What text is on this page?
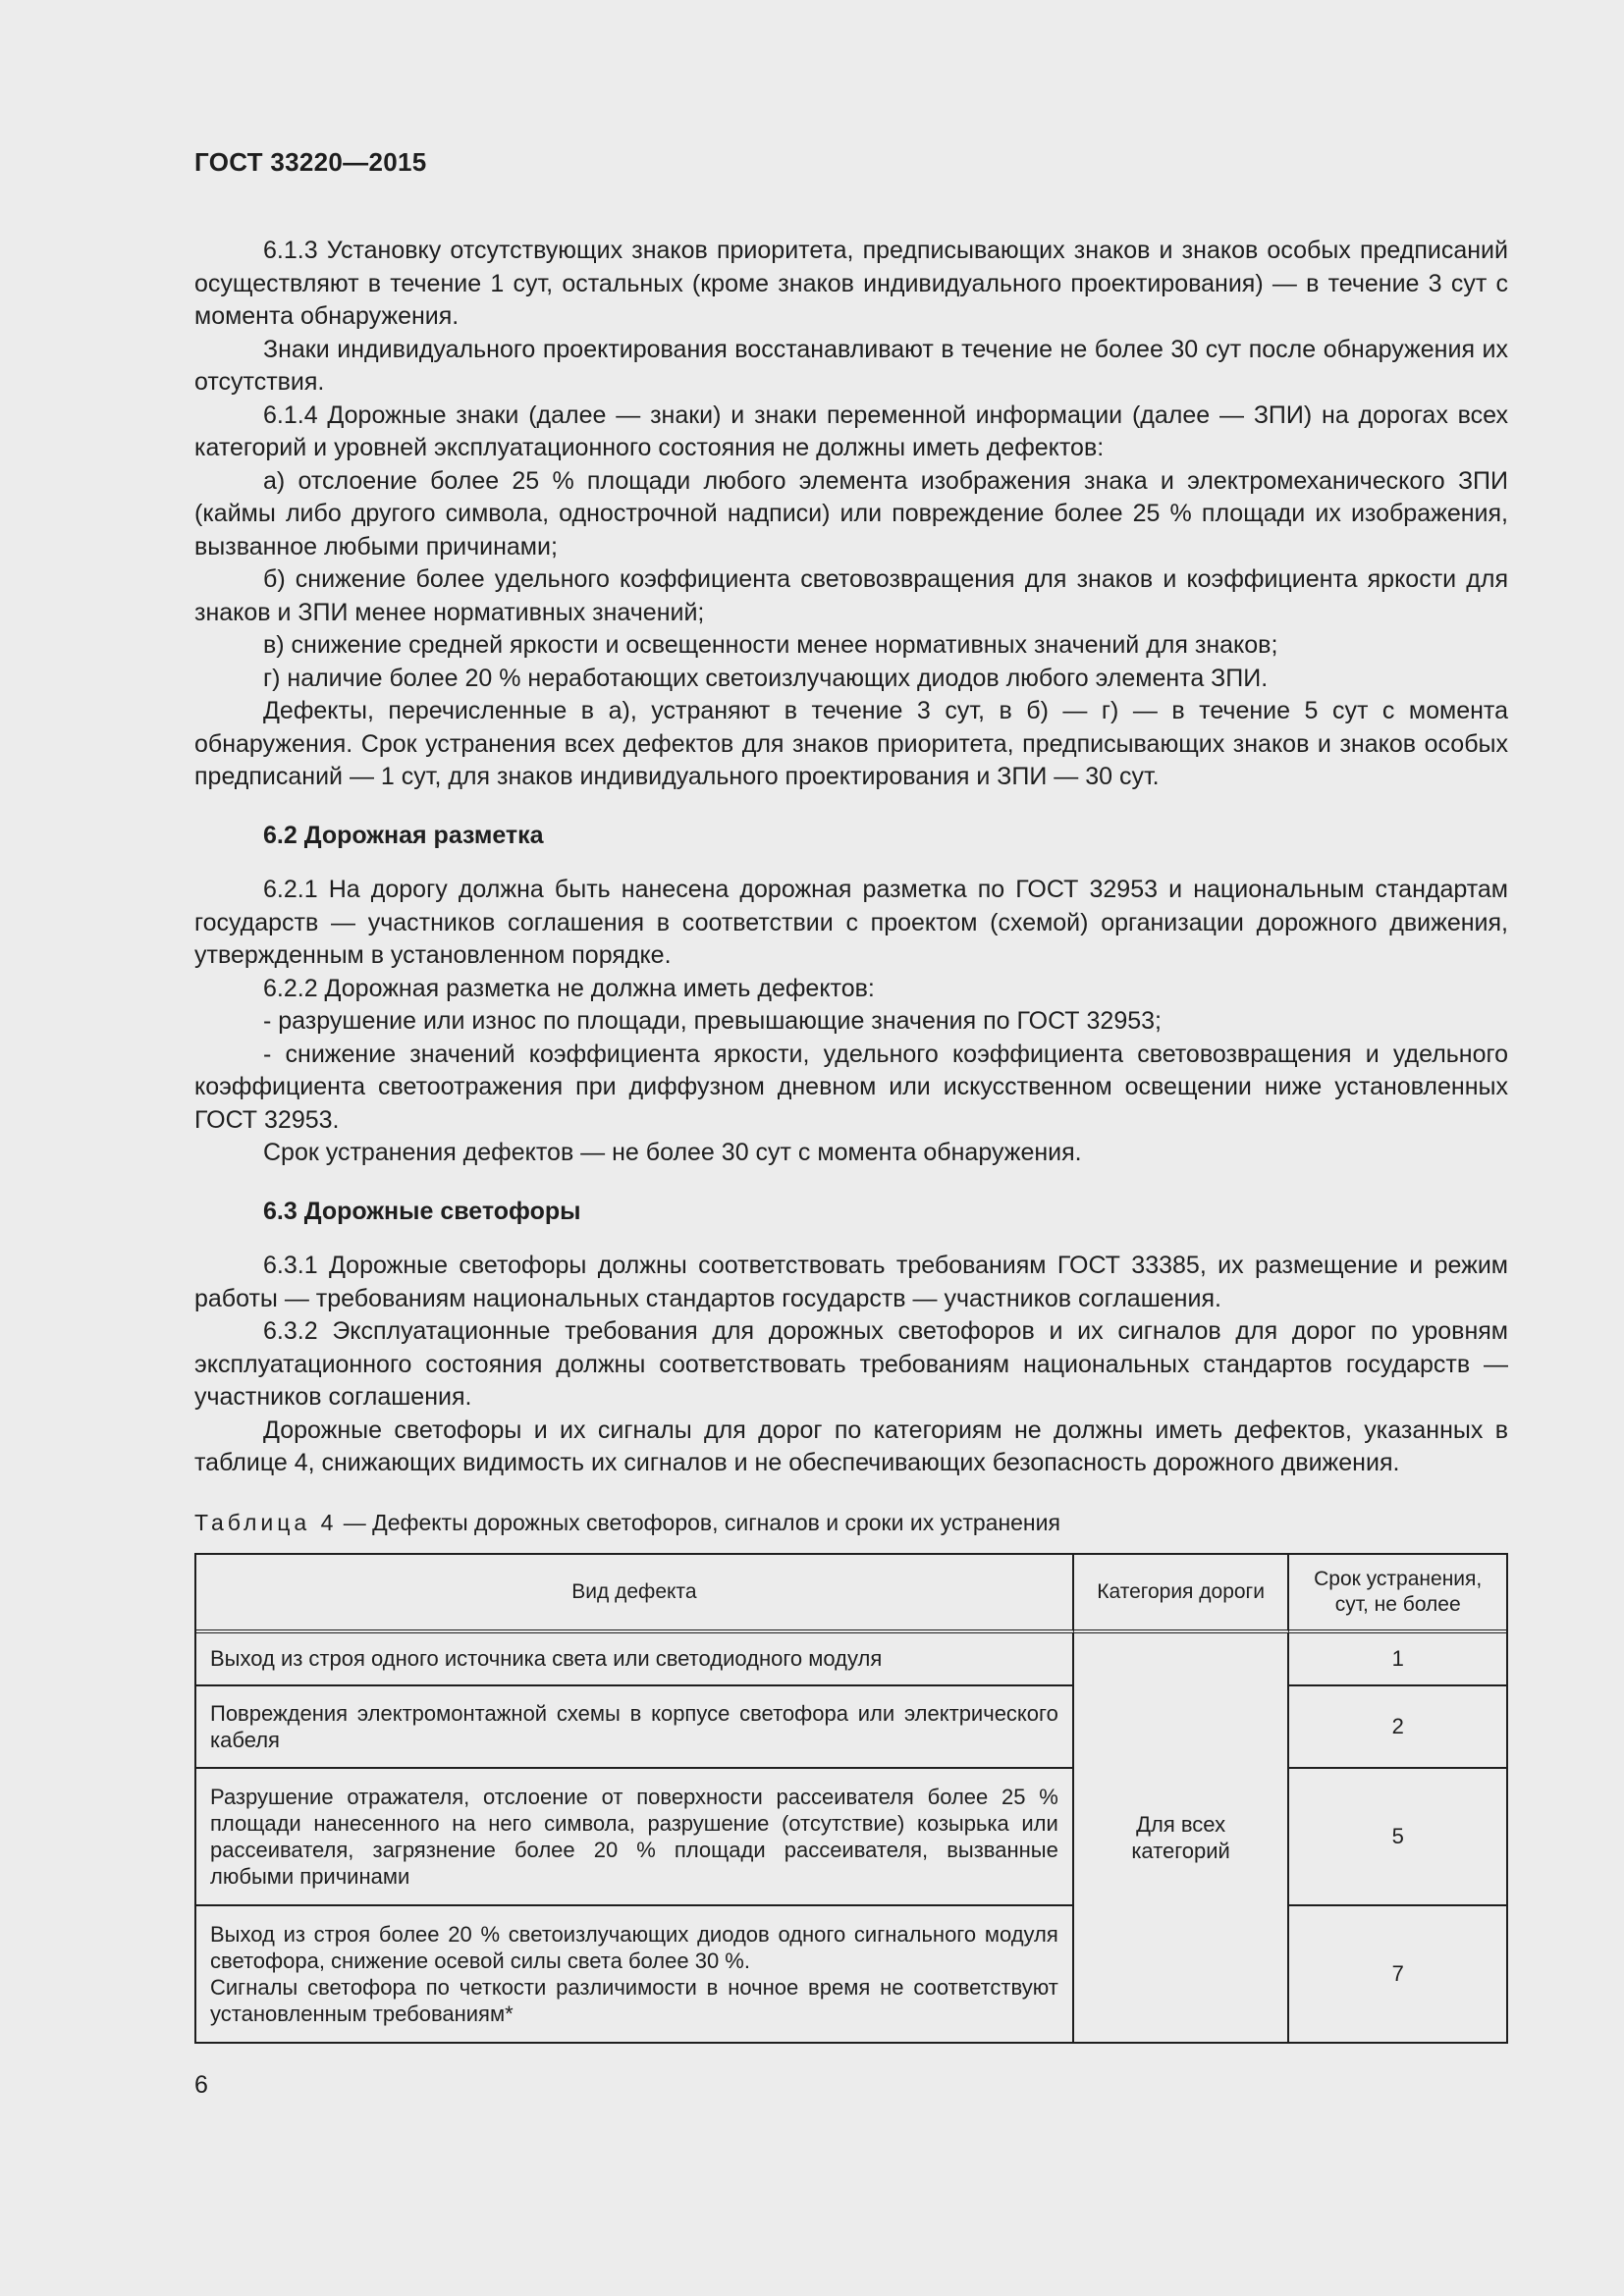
ГОСТ 33220—2015

6.1.3 Установку отсутствующих знаков приоритета, предписывающих знаков и знаков особых предписаний осуществляют в течение 1 сут, остальных (кроме знаков индивидуального проектирования) — в течение 3 сут с момента обнаружения.

Знаки индивидуального проектирования восстанавливают в течение не более 30 сут после обнаружения их отсутствия.

6.1.4 Дорожные знаки (далее — знаки) и знаки переменной информации (далее — ЗПИ) на дорогах всех категорий и уровней эксплуатационного состояния не должны иметь дефектов:

а) отслоение более 25 % площади любого элемента изображения знака и электромеханического ЗПИ (каймы либо другого символа, однострочной надписи) или повреждение более 25 % площади их изображения, вызванное любыми причинами;

б) снижение более удельного коэффициента световозвращения для знаков и коэффициента яркости для знаков и ЗПИ менее нормативных значений;

в) снижение средней яркости и освещенности менее нормативных значений для знаков;

г) наличие более 20 % неработающих светоизлучающих диодов любого элемента ЗПИ.

Дефекты, перечисленные в а), устраняют в течение 3 сут, в б) — г) — в течение 5 сут с момента обнаружения. Срок устранения всех дефектов для знаков приоритета, предписывающих знаков и знаков особых предписаний — 1 сут, для знаков индивидуального проектирования и ЗПИ — 30 сут.

6.2 Дорожная разметка

6.2.1 На дорогу должна быть нанесена дорожная разметка по ГОСТ 32953 и национальным стандартам государств — участников соглашения в соответствии с проектом (схемой) организации дорожного движения, утвержденным в установленном порядке.

6.2.2 Дорожная разметка не должна иметь дефектов:

- разрушение или износ по площади, превышающие значения по ГОСТ 32953;

- снижение значений коэффициента яркости, удельного коэффициента световозвращения и удельного коэффициента светоотражения при диффузном дневном или искусственном освещении ниже установленных ГОСТ 32953.

Срок устранения дефектов — не более 30 сут с момента обнаружения.

6.3 Дорожные светофоры

6.3.1 Дорожные светофоры должны соответствовать требованиям ГОСТ 33385, их размещение и режим работы — требованиям национальных стандартов государств — участников соглашения.

6.3.2 Эксплуатационные требования для дорожных светофоров и их сигналов для дорог по уровням эксплуатационного состояния должны соответствовать требованиям национальных стандартов государств — участников соглашения.

Дорожные светофоры и их сигналы для дорог по категориям не должны иметь дефектов, указанных в таблице 4, снижающих видимость их сигналов и не обеспечивающих безопасность дорожного движения.

Таблица 4 — Дефекты дорожных светофоров, сигналов и сроки их устранения
Вид дефекта	Категория дороги	Срок устранения, сут, не более
Выход из строя одного источника света или светодиодного модуля	Для всех категорий	1
Повреждения электромонтажной схемы в корпусе светофора или электрического кабеля		2
Разрушение отражателя, отслоение от поверхности рассеивателя более 25 % площади нанесенного на него символа, разрушение (отсутствие) козырька или рассеивателя, загрязнение более 20 % площади рассеивателя, вызванные любыми причинами		5
Выход из строя более 20 % светоизлучающих диодов одного сигнального модуля светофора, снижение осевой силы света более 30 %.
Сигналы светофора по четкости различимости в ночное время не соответствуют установленным требованиям*		7
6
